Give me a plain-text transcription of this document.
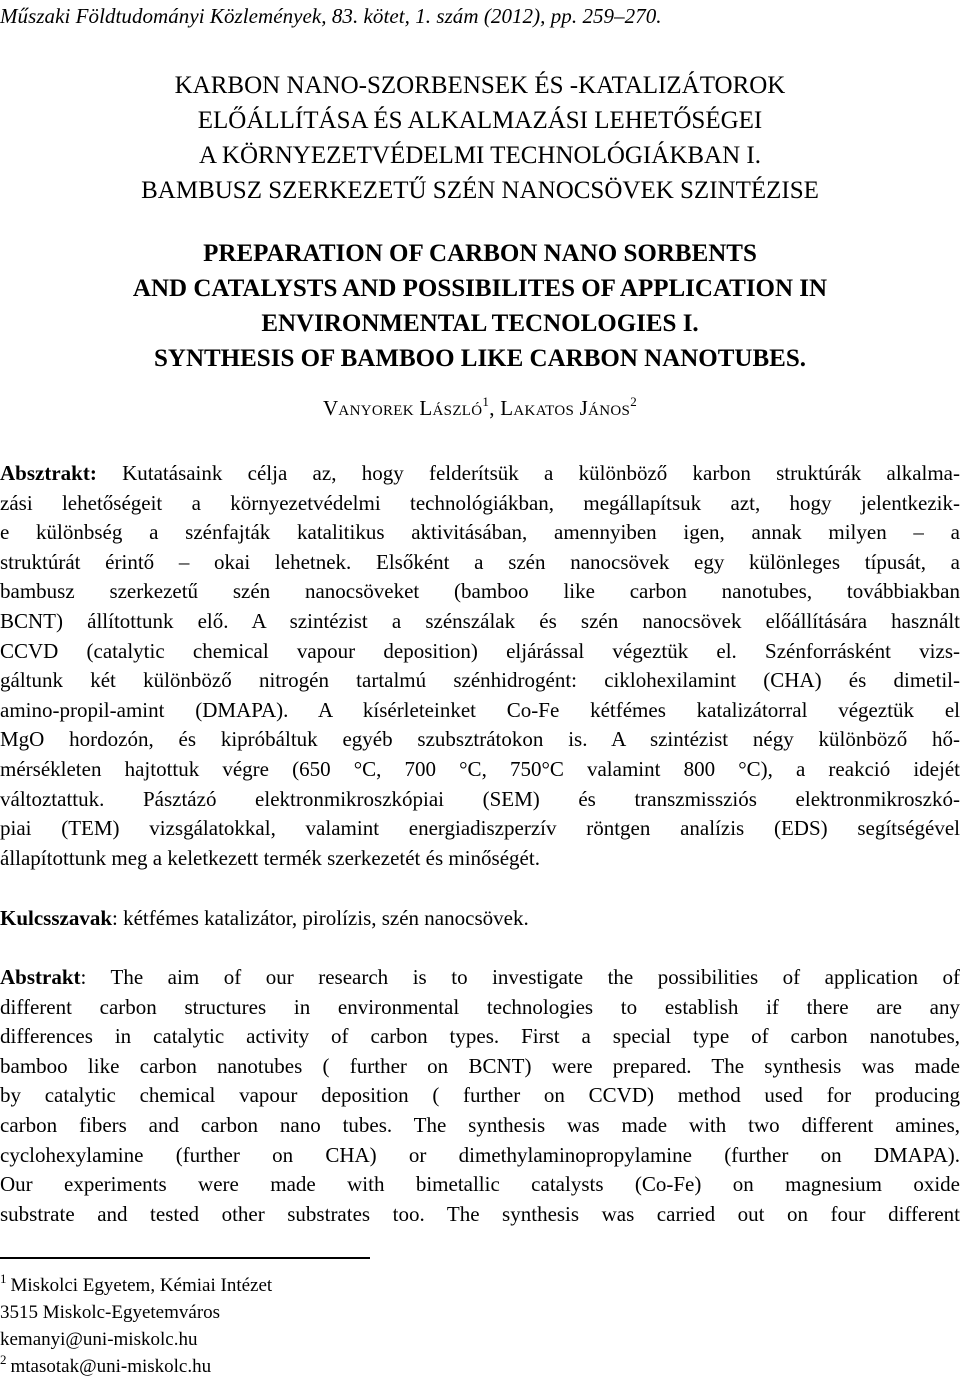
Műszaki Földtudományi Közlemények, 83. kötet, 1. szám (2012), pp. 259–270.
KARBON NANO-SZORBENSEK ÉS -KATALIZÁTOROK
ELŐÁLLÍTÁSA ÉS ALKALMAZÁSI LEHETŐSÉGEI
A KÖRNYEZETVÉDELMI TECHNOLÓGIÁKBAN I.
BAMBUSZ SZERKEZETŰ SZÉN NANOCSÖVEK SZINTÉZISE
PREPARATION OF CARBON NANO SORBENTS
AND CATALYSTS AND POSSIBILITES OF APPLICATION IN
ENVIRONMENTAL TECNOLOGIES I.
SYNTHESIS OF BAMBOO LIKE CARBON NANOTUBES.
Vanyorek László$^1$, Lakatos János$^2$
Absztrakt: Kutatásaink célja az, hogy felderítsük a különböző karbon struktúrák alkalma-
zási lehetőségeit a környezetvédelmi technológiákban, megállapítsuk azt, hogy jelentkezik-
e különbség a szénfajták katalitikus aktivitásában, amennyiben igen, annak milyen – a
struktúrát érintő – okai lehetnek. Elsőként a szén nanocsövek egy különleges típusát, a
bambusz szerkezetű szén nanocsöveket (bamboo like carbon nanotubes, továbbiakban
BCNT) állítottunk elő. A szintézist a szénszálak és szén nanocsövek előállítására használt
CCVD (catalytic chemical vapour deposition) eljárással végeztük el. Szénforrásként vizs-
gáltunk két különböző nitrogén tartalmú szénhidrogént: ciklohexilamint (CHA) és dimetil-
amino-propil-amint (DMAPA). A kísérleteinket Co-Fe kétfémes katalizátorral végeztük el
MgO hordozón, és kipróbáltuk egyéb szubsztrátokon is. A szintézist négy különböző hő-
mérsékleten hajtottuk végre (650 °C, 700 °C, 750°C valamint 800 °C), a reakció idejét
változtattuk. Pásztázó elektronmikroszkópiai (SEM) és transzmissziós elektronmikroszkó-
piai (TEM) vizsgálatokkal, valamint energiadiszperzív röntgen analízis (EDS) segítségével
állapítottunk meg a keletkezett termék szerkezetét és minőségét.
Kulcsszavak: kétfémes katalizátor, pirolízis, szén nanocsövek.
Abstrakt: The aim of our research is to investigate the possibilities of application of
different carbon structures in environmental technologies to establish if there are any
differences in catalytic activity of carbon types. First a special type of carbon nanotubes,
bamboo like carbon nanotubes ( further on BCNT) were prepared. The synthesis was made
by catalytic chemical vapour deposition ( further on CCVD) method used for producing
carbon fibers and carbon nano tubes. The synthesis was made with two different amines,
cyclohexylamine (further on CHA) or dimethylaminopropylamine (further on DMAPA).
Our experiments were made with bimetallic catalysts (Co-Fe) on magnesium oxide
substrate and tested other substrates too. The synthesis was carried out on four different
$^1$ Miskolci Egyetem, Kémiai Intézet
3515 Miskolc-Egyetemváros
kemanyi@uni-miskolc.hu
$^2$ mtasotak@uni-miskolc.hu
